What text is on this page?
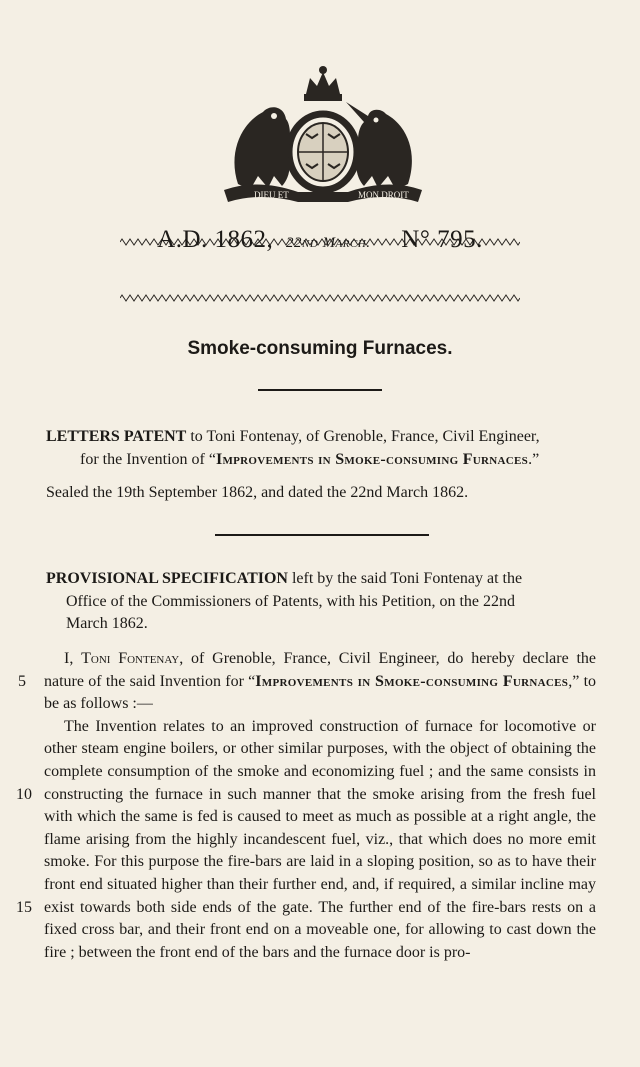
DIEU ET	MON DROIT
A.D. 1862, 22nd March. N° 795.
Smoke-consuming Furnaces.
LETTERS PATENT to Toni Fontenay, of Grenoble, France, Civil Engineer,
for the Invention of “Improvements in Smoke-consuming Furnaces.”
Sealed the 19th September 1862, and dated the 22nd March 1862.
PROVISIONAL SPECIFICATION left by the said Toni Fontenay at the
Office of the Commissioners of Patents, with his Petition, on the 22nd
March 1862.
5
10
15

I, Toni Fontenay, of Grenoble, France, Civil Engineer, do hereby declare the nature of the said Invention for “Improvements in Smoke-consuming Furnaces,” to be as follows :—

The Invention relates to an improved construction of furnace for locomotive or other steam engine boilers, or other similar purposes, with the object of obtaining the complete consumption of the smoke and economizing fuel ; and the same consists in constructing the furnace in such manner that the smoke arising from the fresh fuel with which the same is fed is caused to meet as much as possible at a right angle, the flame arising from the highly incandescent fuel, viz., that which does no more emit smoke. For this purpose the fire-bars are laid in a sloping position, so as to have their front end situated higher than their further end, and, if required, a similar incline may exist towards both side ends of the gate. The further end of the fire-bars rests on a fixed cross bar, and their front end on a moveable one, for allowing to cast down the fire ; between the front end of the bars and the furnace door is pro-
